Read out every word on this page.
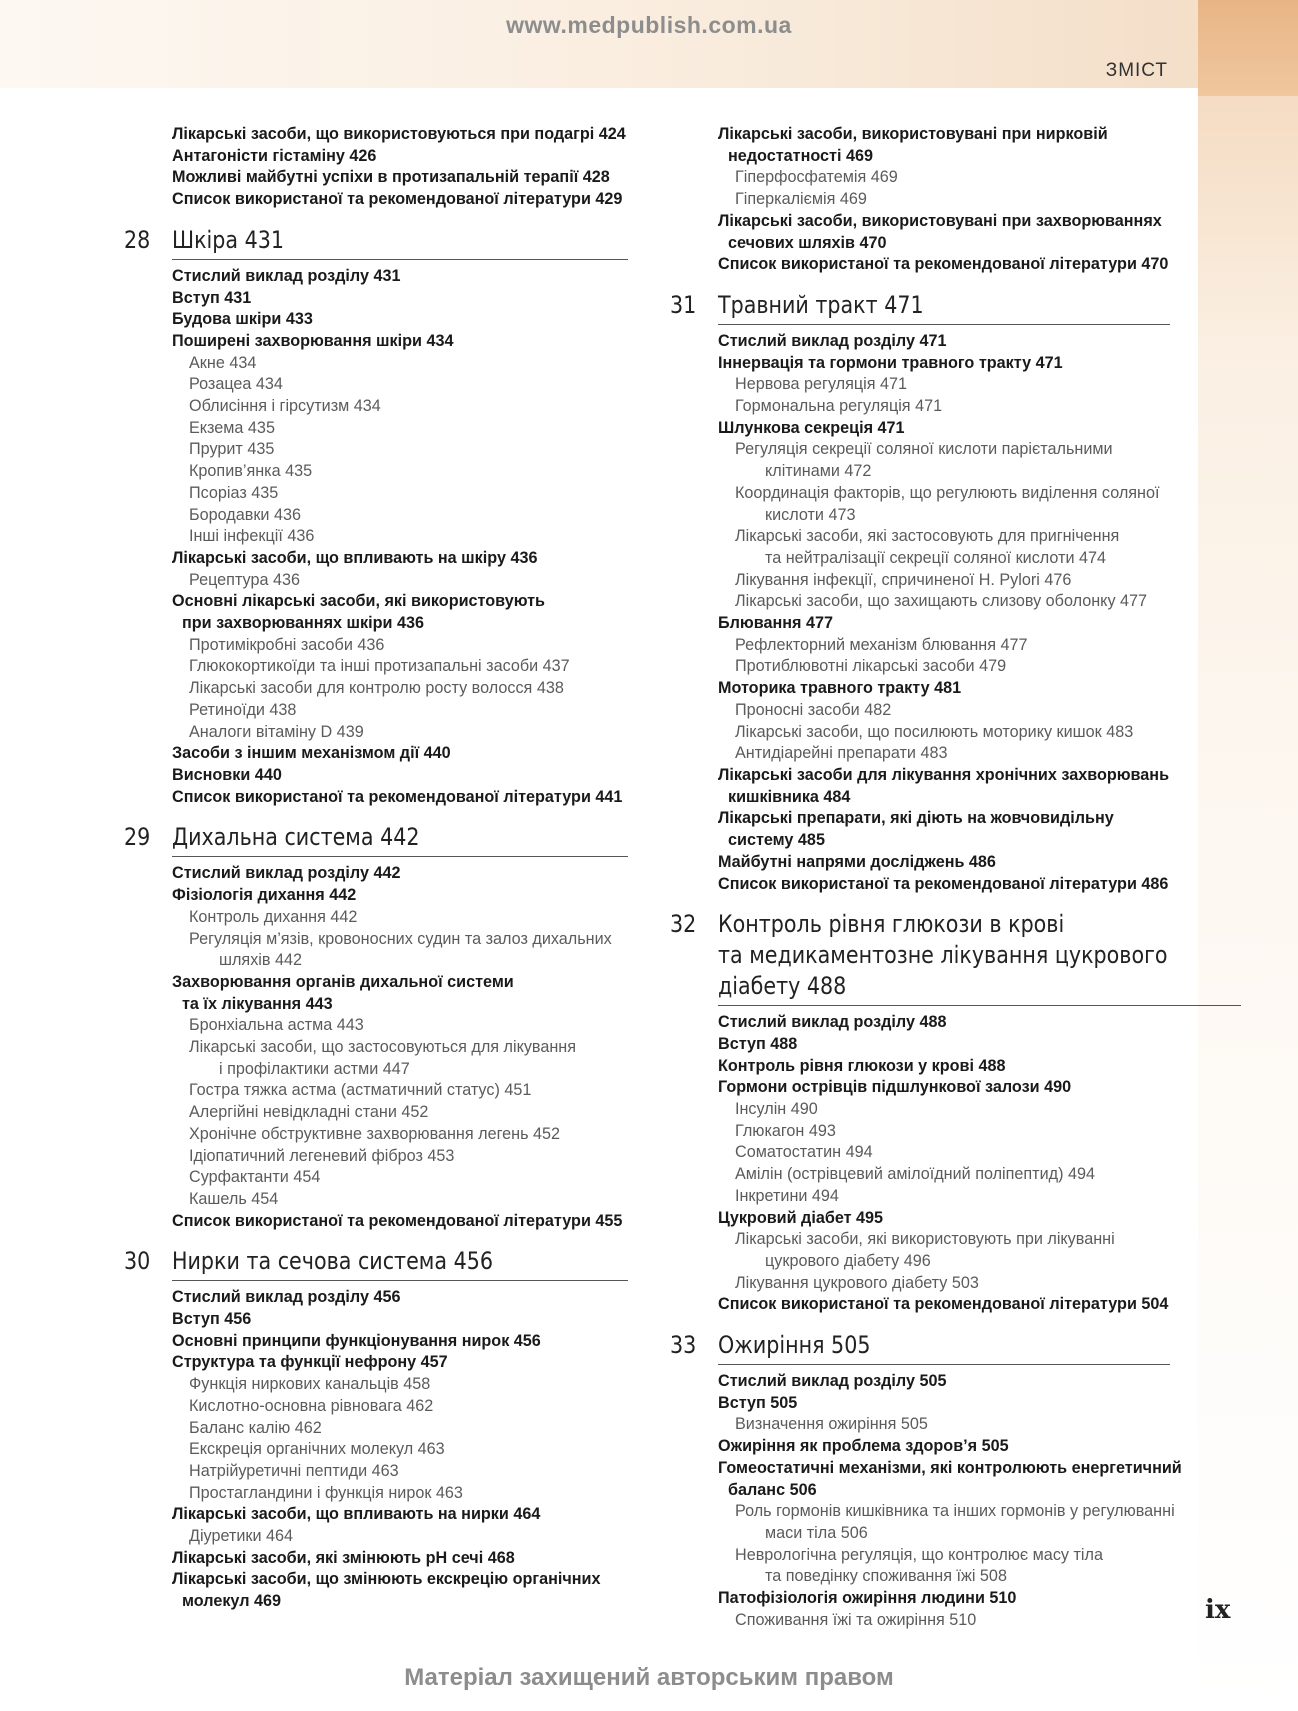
www.medpublish.com.ua
ЗМІСТ
Лікарські засоби, що використовуються при подагрі 424
Антагоністи гістаміну 426
Можливі майбутні успіхи в протизапальній терапії 428
Список використаної та рекомендованої літератури 429
28 Шкіра 431
Стислий виклад розділу 431
Вступ 431
Будова шкіри 433
Поширені захворювання шкіри 434
Акне 434
Розацеа 434
Облисіння і гірсутизм 434
Екзема 435
Прурит 435
Кропив’янка 435
Псоріаз 435
Бородавки 436
Інші інфекції 436
Лікарські засоби, що впливають на шкіру 436
Рецептура 436
Основні лікарські засоби, які використовують
при захворюваннях шкіри 436
Протимікробні засоби 436
Глюкокортикоїди та інші протизапальні засоби 437
Лікарські засоби для контролю росту волосся 438
Ретиноїди 438
Аналоги вітаміну D 439
Засоби з іншим механізмом дії 440
Висновки 440
Список використаної та рекомендованої літератури 441
29 Дихальна система 442
Стислий виклад розділу 442
Фізіологія дихання 442
Контроль дихання 442
Регуляція м’язів, кровоносних судин та залоз дихальних
шляхів 442
Захворювання органів дихальної системи
та їх лікування 443
Бронхіальна астма 443
Лікарські засоби, що застосовуються для лікування
і профілактики астми 447
Гостра тяжка астма (астматичний статус) 451
Алергійні невідкладні стани 452
Хронічне обструктивне захворювання легень 452
Ідіопатичний легеневий фіброз 453
Сурфактанти 454
Кашель 454
Список використаної та рекомендованої літератури 455
30 Нирки та сечова система 456
Стислий виклад розділу 456
Вступ 456
Основні принципи функціонування нирок 456
Структура та функції нефрону 457
Функція ниркових канальців 458
Кислотно-основна рівновага 462
Баланс калію 462
Екскреція органічних молекул 463
Натрійуретичні пептиди 463
Простагландини і функція нирок 463
Лікарські засоби, що впливають на нирки 464
Діуретики 464
Лікарські засоби, які змінюють pH сечі 468
Лікарські засоби, що змінюють екскрецію органічних
молекул 469
Лікарські засоби, використовувані при нирковій
недостатності 469
Гіперфосфатемія 469
Гіперкаліємія 469
Лікарські засоби, використовувані при захворюваннях
сечових шляхів 470
Список використаної та рекомендованої літератури 470
31 Травний тракт 471
Стислий виклад розділу 471
Іннервація та гормони травного тракту 471
Нервова регуляція 471
Гормональна регуляція 471
Шлункова секреція 471
Регуляція секреції соляної кислоти парієтальними
клітинами 472
Координація факторів, що регулюють виділення соляної
кислоти 473
Лікарські засоби, які застосовують для пригнічення
та нейтралізації секреції соляної кислоти 474
Лікування інфекції, спричиненої H. Pylori 476
Лікарські засоби, що захищають слизову оболонку 477
Блювання 477
Рефлекторний механізм блювання 477
Протиблювотні лікарські засоби 479
Моторика травного тракту 481
Проносні засоби 482
Лікарські засоби, що посилюють моторику кишок 483
Антидіарейні препарати 483
Лікарські засоби для лікування хронічних захворювань
кишківника 484
Лікарські препарати, які діють на жовчовидільну
систему 485
Майбутні напрями досліджень 486
Список використаної та рекомендованої літератури 486
32 Контроль рівня глюкози в крові
та медикаментозне лікування цукрового
діабету 488
Стислий виклад розділу 488
Вступ 488
Контроль рівня глюкози у крові 488
Гормони острівців підшлункової залози 490
Інсулін 490
Глюкагон 493
Соматостатин 494
Амілін (острівцевий амілоїдний поліпептид) 494
Інкретини 494
Цукровий діабет 495
Лікарські засоби, які використовують при лікуванні
цукрового діабету 496
Лікування цукрового діабету 503
Список використаної та рекомендованої літератури 504
33 Ожиріння 505
Стислий виклад розділу 505
Вступ 505
Визначення ожиріння 505
Ожиріння як проблема здоров’я 505
Гомеостатичні механізми, які контролюють енергетичний
баланс 506
Роль гормонів кишківника та інших гормонів у регулюванні
маси тіла 506
Неврологічна регуляція, що контролює масу тіла
та поведінку споживання їжі 508
Патофізіологія ожиріння людини 510
Споживання їжі та ожиріння 510	ix
Матеріал захищений авторським правом
